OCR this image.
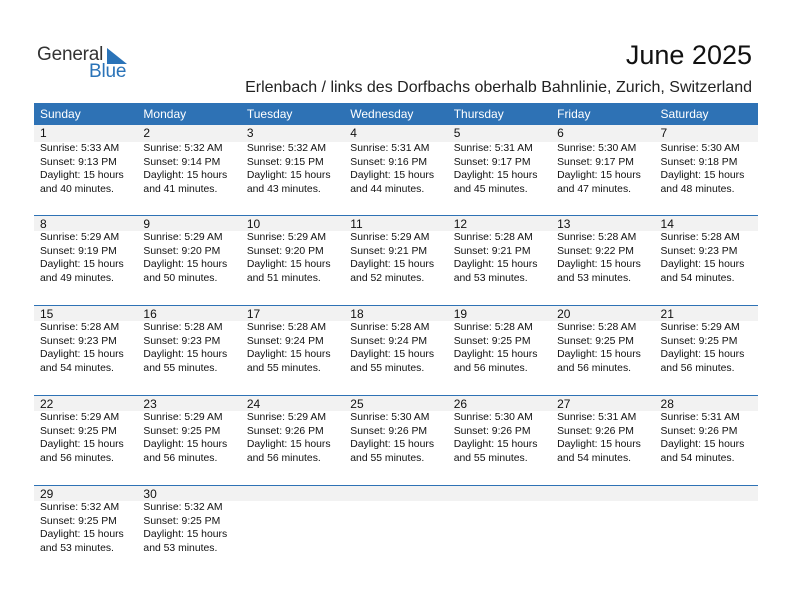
General
Blue
June 2025
Erlenbach / links des Dorfbachs oberhalb Bahnlinie, Zurich, Switzerland
Sunday	Monday	Tuesday	Wednesday	Thursday	Friday	Saturday
1	2	3	4	5	6	7
Sunrise: 5:33 AM
Sunset: 9:13 PM
Daylight: 15 hours
and 40 minutes.
Sunrise: 5:32 AM
Sunset: 9:14 PM
Daylight: 15 hours
and 41 minutes.
Sunrise: 5:32 AM
Sunset: 9:15 PM
Daylight: 15 hours
and 43 minutes.
Sunrise: 5:31 AM
Sunset: 9:16 PM
Daylight: 15 hours
and 44 minutes.
Sunrise: 5:31 AM
Sunset: 9:17 PM
Daylight: 15 hours
and 45 minutes.
Sunrise: 5:30 AM
Sunset: 9:17 PM
Daylight: 15 hours
and 47 minutes.
Sunrise: 5:30 AM
Sunset: 9:18 PM
Daylight: 15 hours
and 48 minutes.
8	9	10	11	12	13	14
Sunrise: 5:29 AM
Sunset: 9:19 PM
Daylight: 15 hours
and 49 minutes.
Sunrise: 5:29 AM
Sunset: 9:20 PM
Daylight: 15 hours
and 50 minutes.
Sunrise: 5:29 AM
Sunset: 9:20 PM
Daylight: 15 hours
and 51 minutes.
Sunrise: 5:29 AM
Sunset: 9:21 PM
Daylight: 15 hours
and 52 minutes.
Sunrise: 5:28 AM
Sunset: 9:21 PM
Daylight: 15 hours
and 53 minutes.
Sunrise: 5:28 AM
Sunset: 9:22 PM
Daylight: 15 hours
and 53 minutes.
Sunrise: 5:28 AM
Sunset: 9:23 PM
Daylight: 15 hours
and 54 minutes.
15	16	17	18	19	20	21
Sunrise: 5:28 AM
Sunset: 9:23 PM
Daylight: 15 hours
and 54 minutes.
Sunrise: 5:28 AM
Sunset: 9:23 PM
Daylight: 15 hours
and 55 minutes.
Sunrise: 5:28 AM
Sunset: 9:24 PM
Daylight: 15 hours
and 55 minutes.
Sunrise: 5:28 AM
Sunset: 9:24 PM
Daylight: 15 hours
and 55 minutes.
Sunrise: 5:28 AM
Sunset: 9:25 PM
Daylight: 15 hours
and 56 minutes.
Sunrise: 5:28 AM
Sunset: 9:25 PM
Daylight: 15 hours
and 56 minutes.
Sunrise: 5:29 AM
Sunset: 9:25 PM
Daylight: 15 hours
and 56 minutes.
22	23	24	25	26	27	28
Sunrise: 5:29 AM
Sunset: 9:25 PM
Daylight: 15 hours
and 56 minutes.
Sunrise: 5:29 AM
Sunset: 9:25 PM
Daylight: 15 hours
and 56 minutes.
Sunrise: 5:29 AM
Sunset: 9:26 PM
Daylight: 15 hours
and 56 minutes.
Sunrise: 5:30 AM
Sunset: 9:26 PM
Daylight: 15 hours
and 55 minutes.
Sunrise: 5:30 AM
Sunset: 9:26 PM
Daylight: 15 hours
and 55 minutes.
Sunrise: 5:31 AM
Sunset: 9:26 PM
Daylight: 15 hours
and 54 minutes.
Sunrise: 5:31 AM
Sunset: 9:26 PM
Daylight: 15 hours
and 54 minutes.
29	30
Sunrise: 5:32 AM
Sunset: 9:25 PM
Daylight: 15 hours
and 53 minutes.
Sunrise: 5:32 AM
Sunset: 9:25 PM
Daylight: 15 hours
and 53 minutes.
